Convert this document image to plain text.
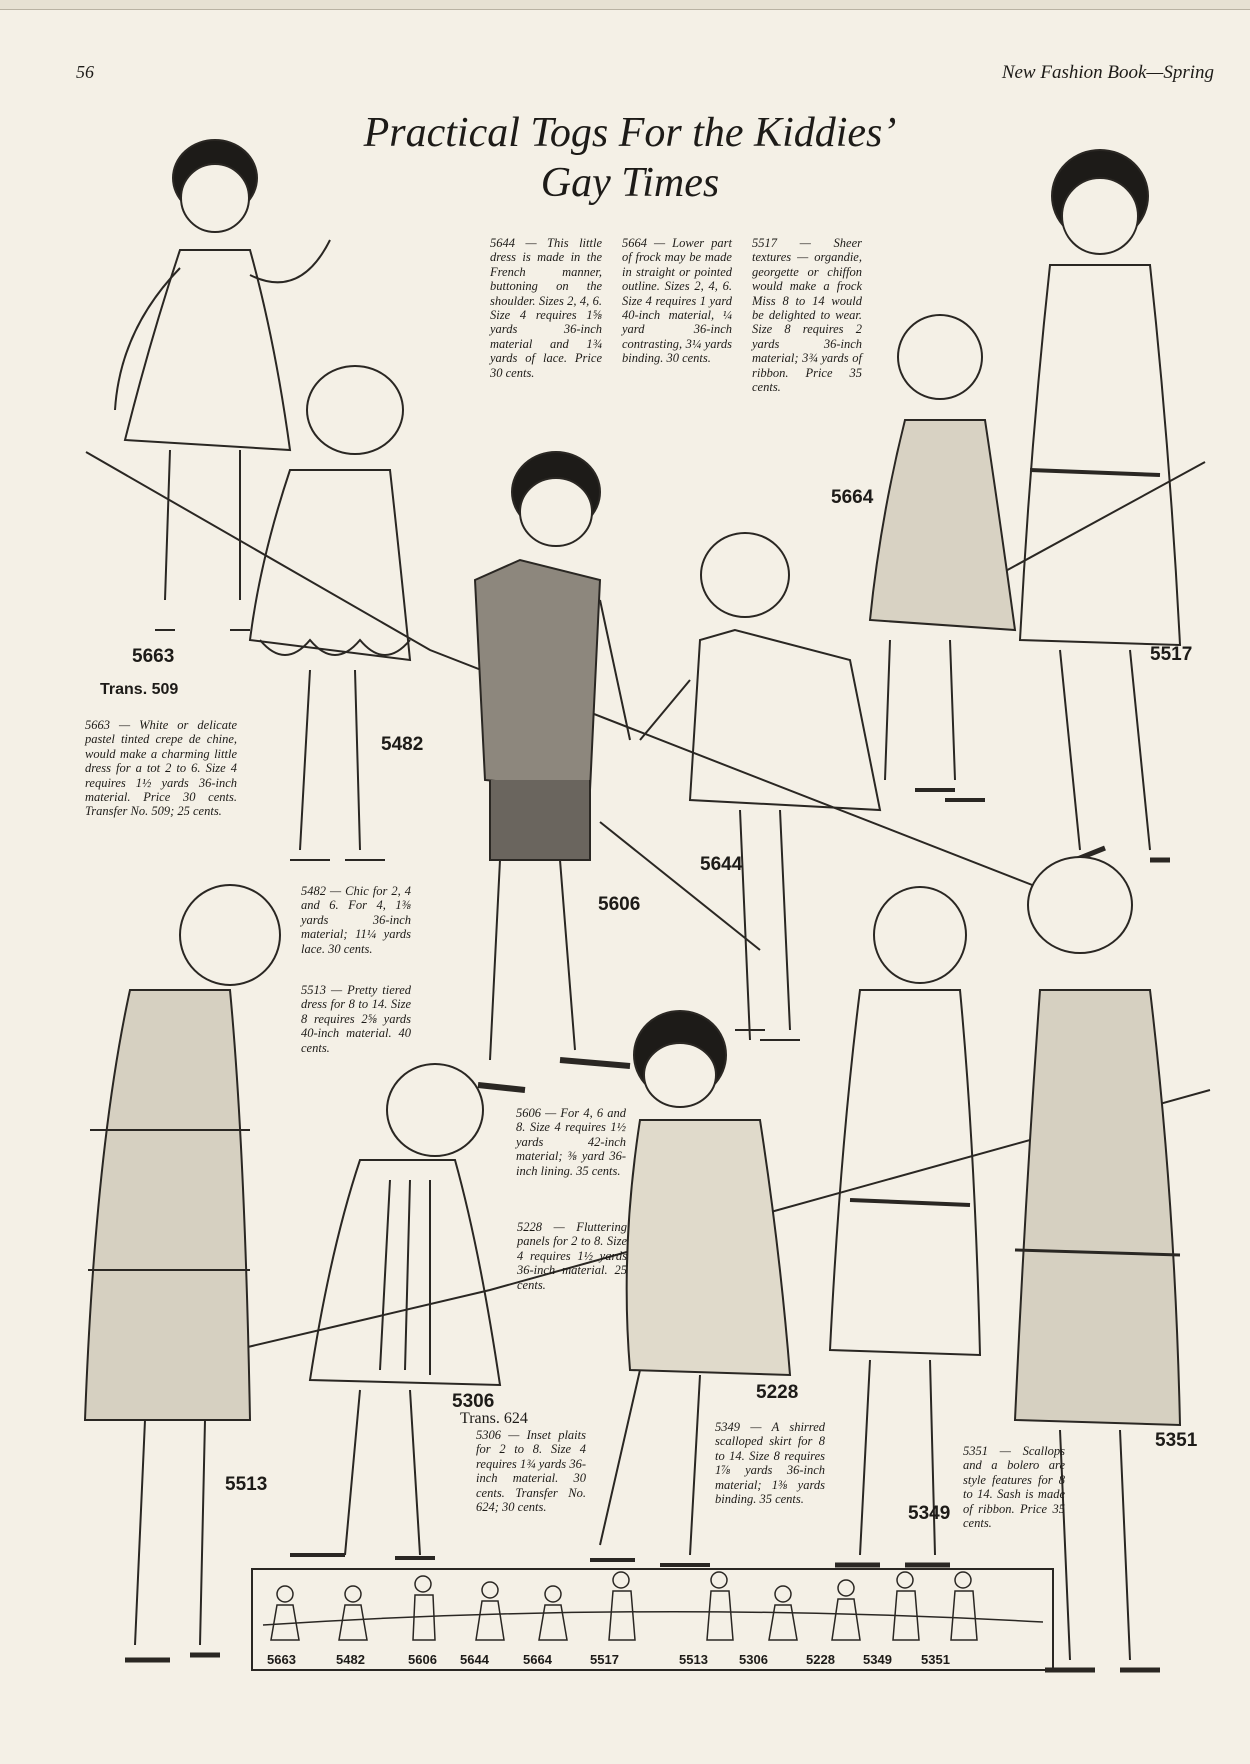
56	New Fashion Book—Spring
Practical Togs For the Kiddies’
Gay Times
5644 — This little dress is made in the French manner, buttoning on the shoulder. Sizes 2, 4, 6. Size 4 requires 1⅝ yards 36-inch material and 1¾ yards of lace. Price 30 cents.
5664 — Lower part of frock may be made in straight or pointed outline. Sizes 2, 4, 6. Size 4 requires 1 yard 40-inch material, ¼ yard 36-inch contrasting, 3¼ yards binding. 30 cents.
5517 — Sheer textures — organdie, georgette or chiffon would make a frock Miss 8 to 14 would be delighted to wear. Size 8 requires 2 yards 36-inch material; 3¾ yards of ribbon. Price 35 cents.
5663 — White or delicate pastel tinted crepe de chine, would make a charming little dress for a tot 2 to 6. Size 4 requires 1½ yards 36-inch material. Price 30 cents. Transfer No. 509; 25 cents.
5482 — Chic for 2, 4 and 6. For 4, 1⅜ yards 36-inch material; 11¼ yards lace. 30 cents.
5513 — Pretty tiered dress for 8 to 14. Size 8 requires 2⅝ yards 40-inch material. 40 cents.
5606 — For 4, 6 and 8. Size 4 requires 1½ yards 42-inch material; ⅜ yard 36-inch lining. 35 cents.
5228 — Fluttering panels for 2 to 8. Size 4 requires 1½ yards 36-inch material. 25 cents.
5306 — Inset plaits for 2 to 8. Size 4 requires 1¾ yards 36-inch material. 30 cents. Transfer No. 624; 30 cents.
5349 — A shirred scalloped skirt for 8 to 14. Size 8 requires 1⅞ yards 36-inch material; 1⅜ yards binding. 35 cents.
5351 — Scallops and a bolero are style features for 8 to 14. Sash is made of ribbon. Price 35 cents.
5663
Trans. 509
5482
5606
5644
5664
5517
5513
5306
Trans. 624
5228
5349
5351
5663	5482	5606 5644	5664	5517	5513 5306	5228 5349 5351
